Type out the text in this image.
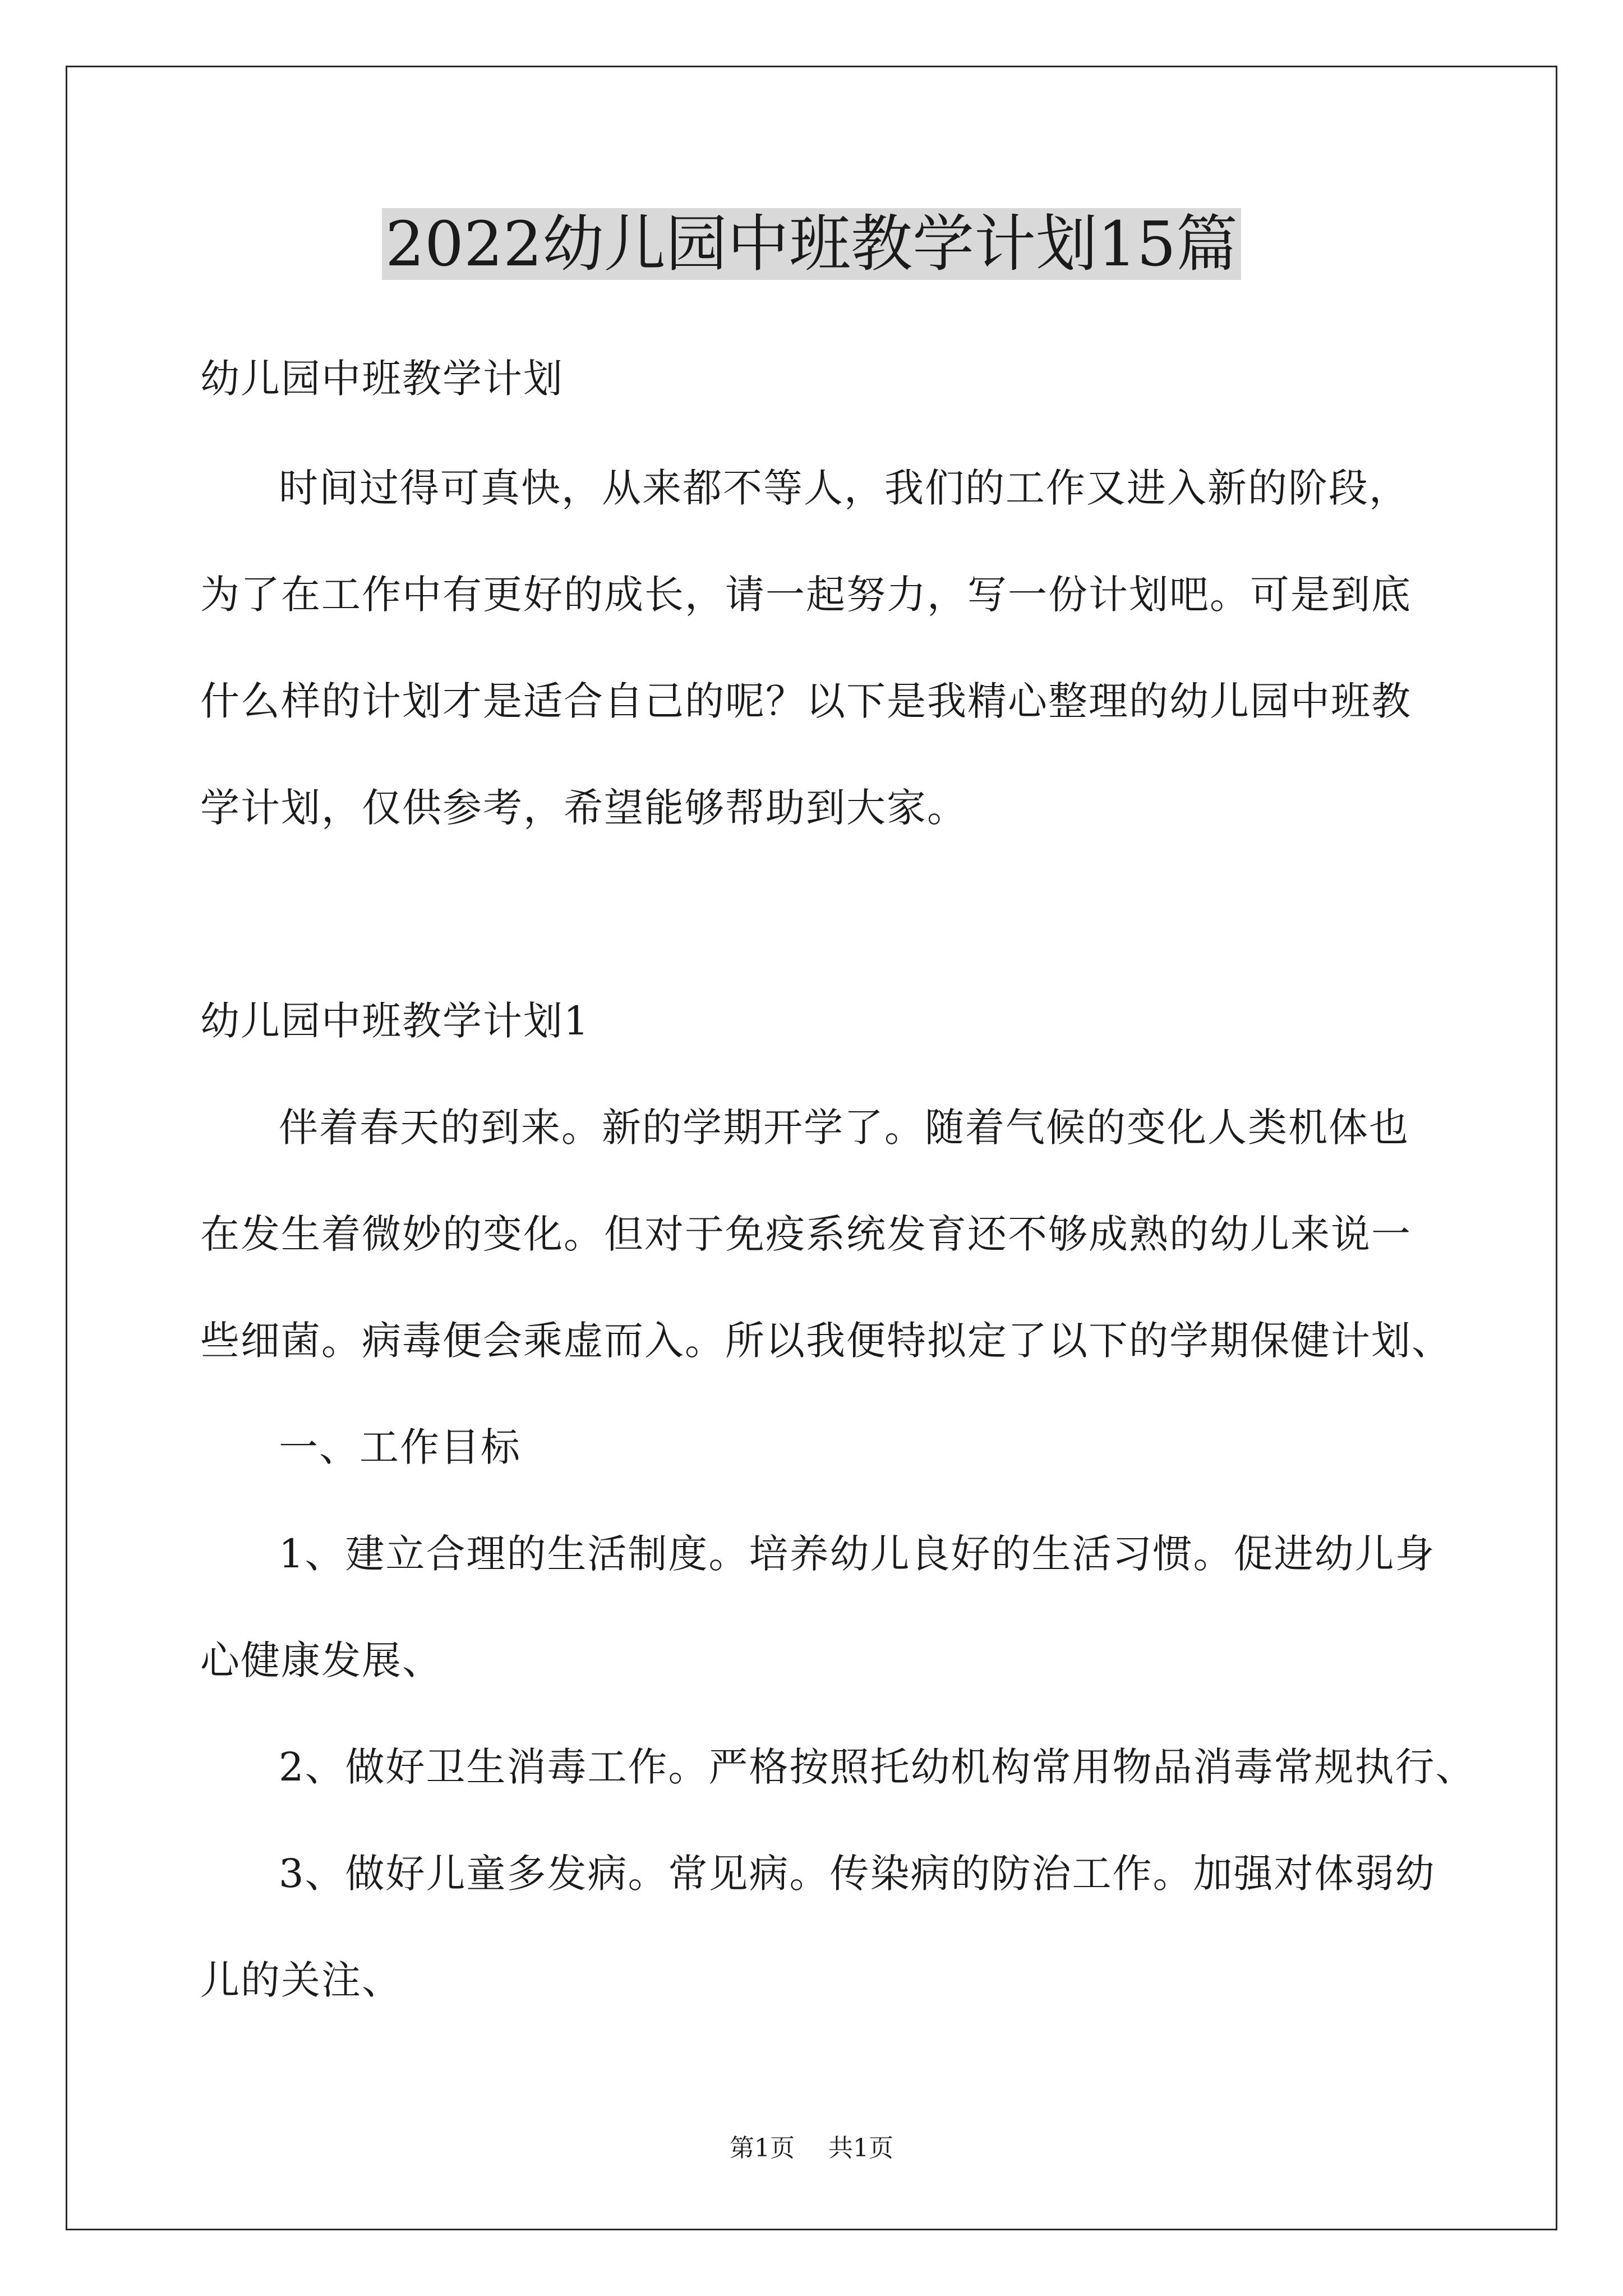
2022幼儿园中班教学计划15篇
幼儿园中班教学计划
时间过得可真快，从来都不等人，我们的工作又进入新的阶段，
为了在工作中有更好的成长，请一起努力，写一份计划吧。可是到底
什么样的计划才是适合自己的呢？以下是我精心整理的幼儿园中班教
学计划，仅供参考，希望能够帮助到大家。
幼儿园中班教学计划1
伴着春天的到来。新的学期开学了。随着气候的变化人类机体也
在发生着微妙的变化。但对于免疫系统发育还不够成熟的幼儿来说一
些细菌。病毒便会乘虚而入。所以我便特拟定了以下的学期保健计划、
一、工作目标
1、建立合理的生活制度。培养幼儿良好的生活习惯。促进幼儿身
心健康发展、
2、做好卫生消毒工作。严格按照托幼机构常用物品消毒常规执行、
3、做好儿童多发病。常见病。传染病的防治工作。加强对体弱幼
儿的关注、
第1页 共1页
